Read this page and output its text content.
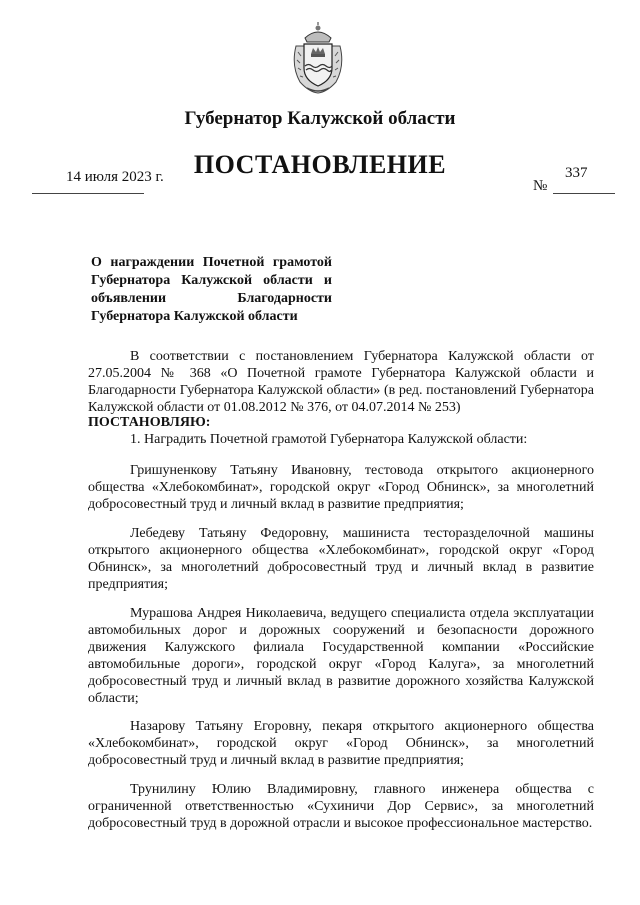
Губернатор Калужской области
ПОСТАНОВЛЕНИЕ
14 июля 2023 г.	337
№
О награждении Почетной грамотой Губернатора Калужской области и объявлении Благодарности Губернатора Калужской области
В соответствии с постановлением Губернатора Калужской области от 27.05.2004 № 368 «О Почетной грамоте Губернатора Калужской области и Благодарности Губернатора Калужской области» (в ред. постановлений Губернатора Калужской области от 01.08.2012 № 376, от 04.07.2014 № 253)
ПОСТАНОВЛЯЮ:
1. Наградить Почетной грамотой Губернатора Калужской области:

Гришуненкову Татьяну Ивановну, тестовода открытого акционерного общества «Хлебокомбинат», городской округ «Город Обнинск», за многолетний добросовестный труд и личный вклад в развитие предприятия;

Лебедеву Татьяну Федоровну, машиниста тесторазделочной машины открытого акционерного общества «Хлебокомбинат», городской округ «Город Обнинск», за многолетний добросовестный труд и личный вклад в развитие предприятия;

Мурашова Андрея Николаевича, ведущего специалиста отдела эксплуатации автомобильных дорог и дорожных сооружений и безопасности дорожного движения Калужского филиала Государственной компании «Российские автомобильные дороги», городской округ «Город Калуга», за многолетний добросовестный труд и личный вклад в развитие дорожного хозяйства Калужской области;

Назарову Татьяну Егоровну, пекаря открытого акционерного общества «Хлебокомбинат», городской округ «Город Обнинск», за многолетний добросовестный труд и личный вклад в развитие предприятия;

Трунилину Юлию Владимировну, главного инженера общества с ограниченной ответственностью «Сухиничи Дор Сервис», за многолетний добросовестный труд в дорожной отрасли и высокое профессиональное мастерство.
